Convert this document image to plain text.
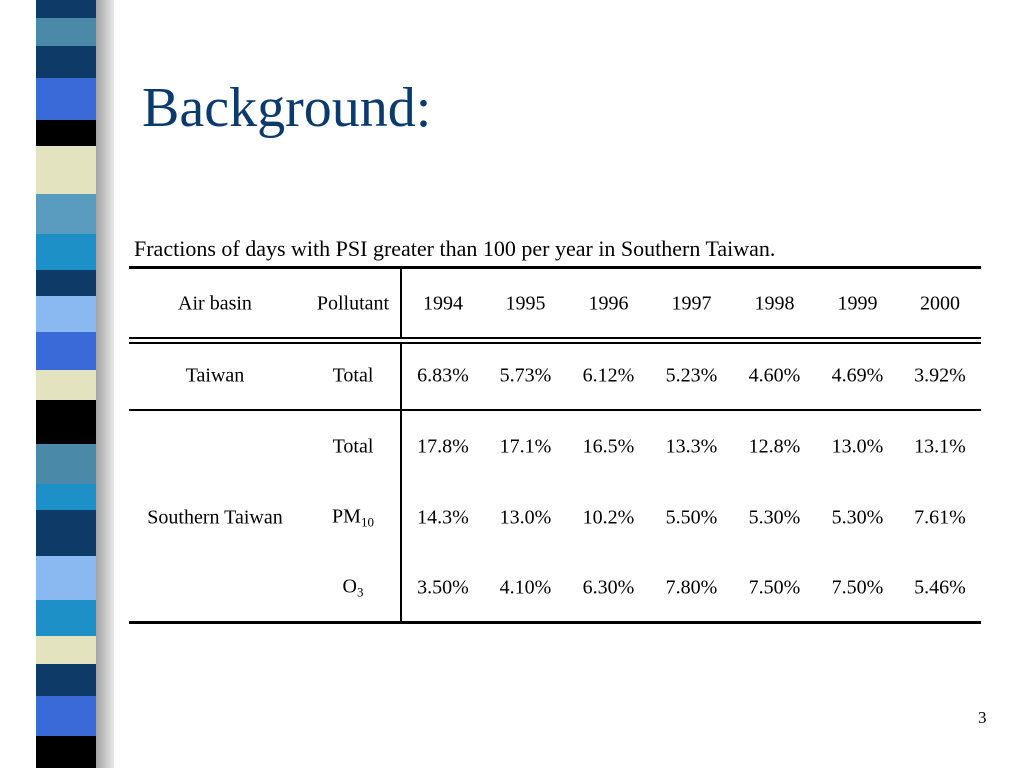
Background:
Fractions of days with PSI greater than 100 per year in Southern Taiwan.
Air basin	Pollutant	1994	1995	1996	1997	1998	1999	2000
Taiwan	Total	6.83%	5.73%	6.12%	5.23%	4.60%	4.69%	3.92%
Southern Taiwan
Total	17.8%	17.1%	16.5%	13.3%	12.8%	13.0%	13.1%
$PM_{10}$	14.3%	13.0%	10.2%	5.50%	5.30%	5.30%	7.61%
$O_3$	3.50%	4.10%	6.30%	7.80%	7.50%	7.50%	5.46%
3
